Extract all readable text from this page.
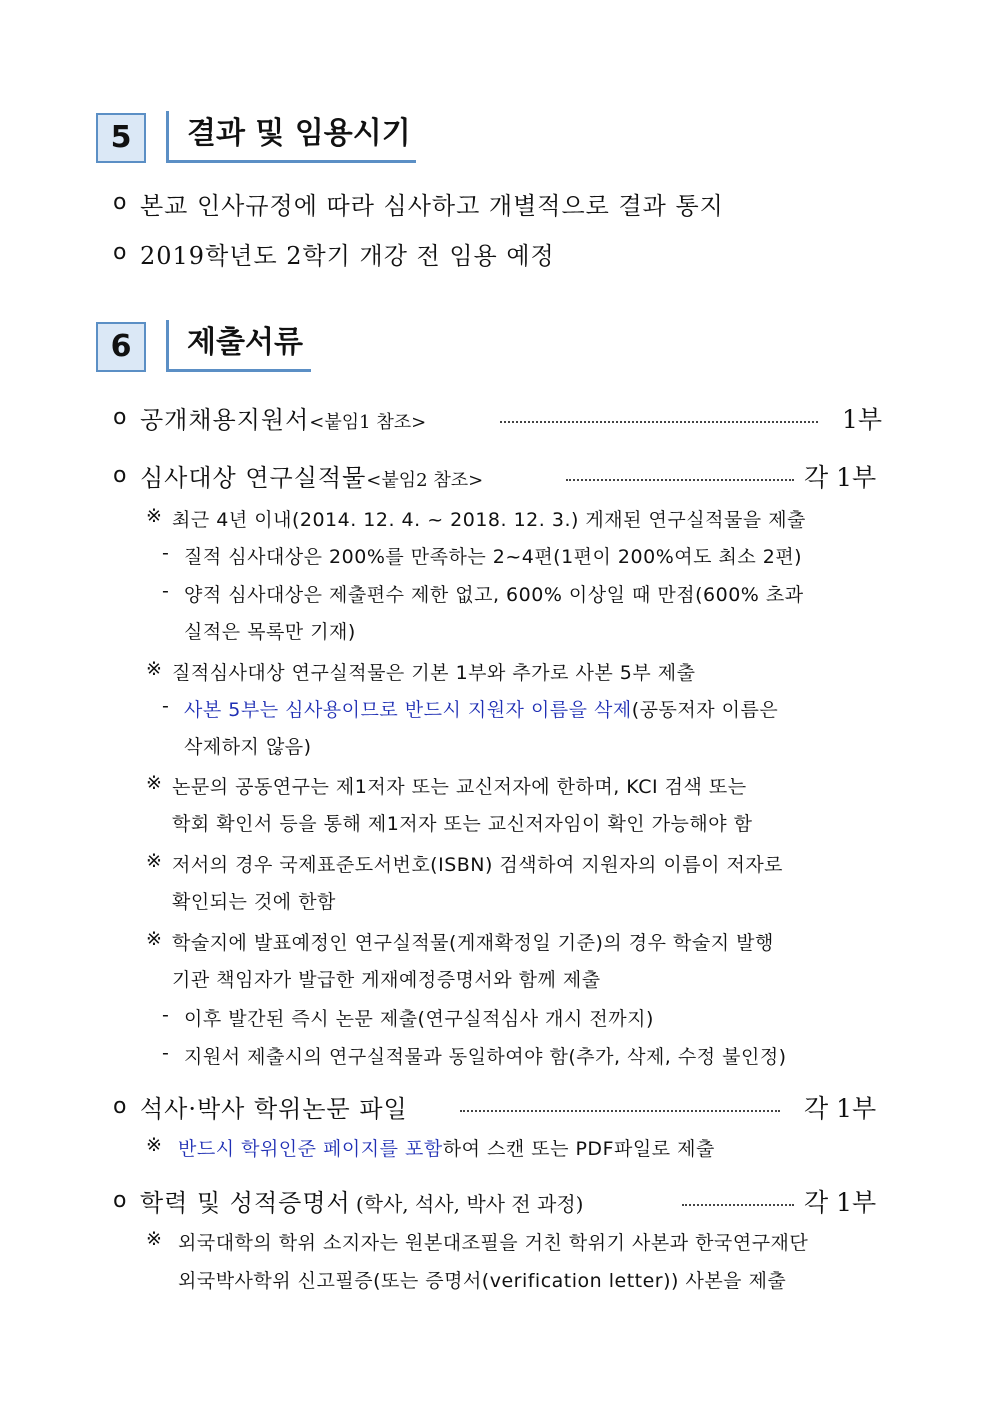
5	결과 및 임용시기
o 본교 인사규정에 따라 심사하고 개별적으로 결과 통지
o 2019학년도 2학기 개강 전 임용 예정
6	제출서류
o 공개채용지원서<붙임1 참조>	1부
o 심사대상 연구실적물<붙임2 참조>	각 1부
※ 최근 4년 이내(2014. 12. 4. ~ 2018. 12. 3.) 게재된 연구실적물을 제출
- 질적 심사대상은 200%를 만족하는 2~4편(1편이 200%여도 최소 2편)
- 양적 심사대상은 제출편수 제한 없고, 600% 이상일 때 만점(600% 초과
실적은 목록만 기재)
※ 질적심사대상 연구실적물은 기본 1부와 추가로 사본 5부 제출
- 사본 5부는 심사용이므로 반드시 지원자 이름을 삭제(공동저자 이름은
삭제하지 않음)
※ 논문의 공동연구는 제1저자 또는 교신저자에 한하며, KCI 검색 또는
학회 확인서 등을 통해 제1저자 또는 교신저자임이 확인 가능해야 함
※ 저서의 경우 국제표준도서번호(ISBN) 검색하여 지원자의 이름이 저자로
확인되는 것에 한함
※ 학술지에 발표예정인 연구실적물(게재확정일 기준)의 경우 학술지 발행
기관 책임자가 발급한 게재예정증명서와 함께 제출
- 이후 발간된 즉시 논문 제출(연구실적심사 개시 전까지)
- 지원서 제출시의 연구실적물과 동일하여야 함(추가, 삭제, 수정 불인정)
o 석사·박사 학위논문 파일	각 1부
※ 반드시 학위인준 페이지를 포함하여 스캔 또는 PDF파일로 제출
o 학력 및 성적증명서 (학사, 석사, 박사 전 과정)	각 1부
※ 외국대학의 학위 소지자는 원본대조필을 거친 학위기 사본과 한국연구재단
외국박사학위 신고필증(또는 증명서(verification letter)) 사본을 제출
